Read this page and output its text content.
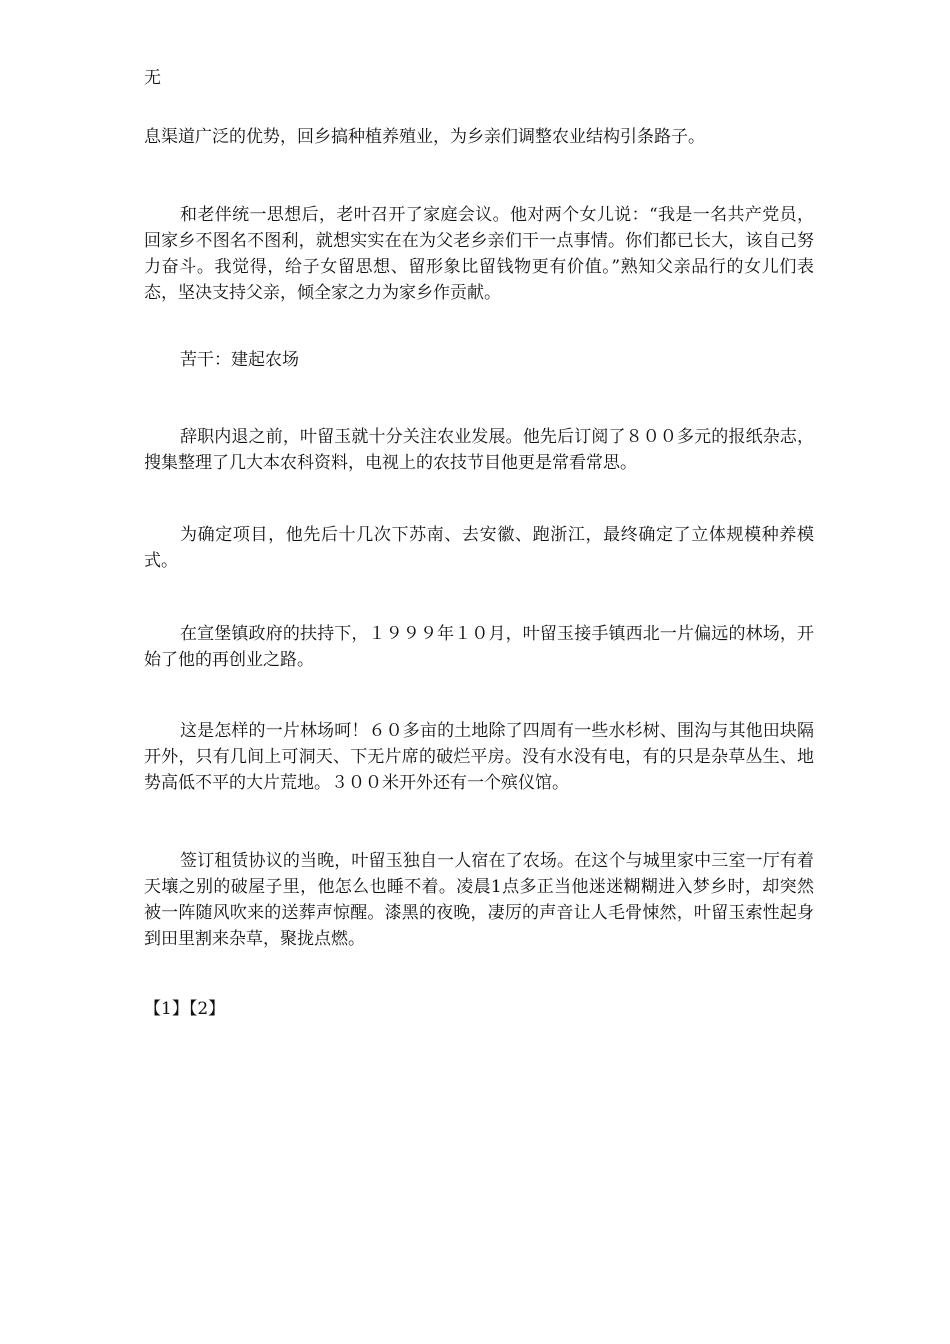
无

息渠道广泛的优势，回乡搞种植养殖业，为乡亲们调整农业结构引条路子。

和老伴统一思想后，老叶召开了家庭会议。他对两个女儿说：“我是一名共产党员，回家乡不图名不图利，就想实实在在为父老乡亲们干一点事情。你们都已长大，该自己努力奋斗。我觉得，给子女留思想、留形象比留钱物更有价值。”熟知父亲品行的女儿们表态，坚决支持父亲，倾全家之力为家乡作贡献。

苦干：建起农场

辞职内退之前，叶留玉就十分关注农业发展。他先后订阅了８００多元的报纸杂志，搜集整理了几大本农科资料，电视上的农技节目他更是常看常思。

为确定项目，他先后十几次下苏南、去安徽、跑浙江，最终确定了立体规模种养模式。

在宣堡镇政府的扶持下，１９９９年１０月，叶留玉接手镇西北一片偏远的林场，开始了他的再创业之路。

这是怎样的一片林场呵！６０多亩的土地除了四周有一些水杉树、围沟与其他田块隔开外，只有几间上可洞天、下无片席的破烂平房。没有水没有电，有的只是杂草丛生、地势高低不平的大片荒地。３００米开外还有一个殡仪馆。

签订租赁协议的当晚，叶留玉独自一人宿在了农场。在这个与城里家中三室一厅有着天壤之别的破屋子里，他怎么也睡不着。凌晨1点多正当他迷迷糊糊进入梦乡时，却突然被一阵随风吹来的送葬声惊醒。漆黑的夜晚，凄厉的声音让人毛骨悚然，叶留玉索性起身到田里割来杂草，聚拢点燃。

【1】【2】
